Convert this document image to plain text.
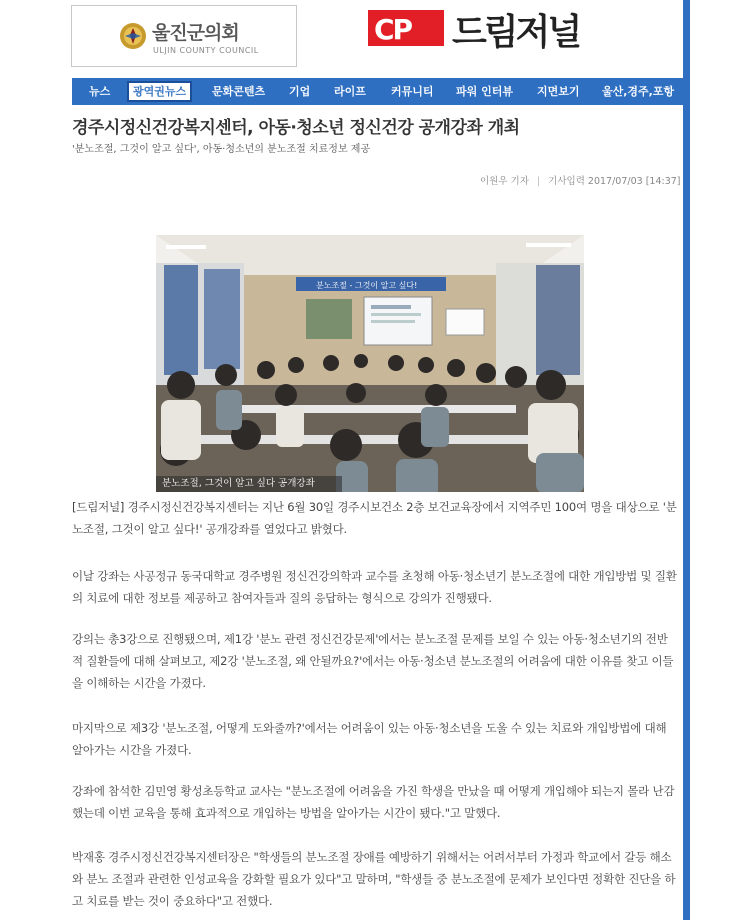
울진군의회
ULJIN COUNTY COUNCIL
CP 드림저널
뉴스	광역권뉴스	문화콘텐츠 기업 라이프 커뮤니티 파워 인터뷰 지면보기 울산,경주,포항
경주시정신건강복지센터, 아동·청소년 정신건강 공개강좌 개최
'분노조절, 그것이 알고 싶다', 아동·청소년의 분노조절 치료정보 제공
이원우 기자 | 기사입력 2017/07/03 [14:37]
분노조절 - 그것이 알고 싶다!
분노조절, 그것이 알고 싶다 공개강좌

[드림저널] 경주시정신건강복지센터는 지난 6월 30일 경주시보건소 2층 보건교육장에서 지역주민 100여 명을 대상으로 '분노조절, 그것이 알고 싶다!' 공개강좌를 열었다고 밝혔다.

이날 강좌는 사공정규 동국대학교 경주병원 정신건강의학과 교수를 초청해 아동·청소년기 분노조절에 대한 개입방법 및 질환의 치료에 대한 정보를 제공하고 참여자들과 질의 응답하는 형식으로 강의가 진행됐다.

강의는 총3강으로 진행됐으며, 제1강 '분노 관련 정신건강문제'에서는 분노조절 문제를 보일 수 있는 아동·청소년기의 전반적 질환들에 대해 살펴보고, 제2강 '분노조절, 왜 안될까요?'에서는 아동·청소년 분노조절의 어려움에 대한 이유를 찾고 이들을 이해하는 시간을 가졌다.

마지막으로 제3강 '분노조절, 어떻게 도와줄까?'에서는 어려움이 있는 아동·청소년을 도울 수 있는 치료와 개입방법에 대해 알아가는 시간을 가졌다.

강좌에 참석한 김민영 황성초등학교 교사는 "분노조절에 어려움을 가진 학생을 만났을 때 어떻게 개입해야 되는지 몰라 난감했는데 이번 교육을 통해 효과적으로 개입하는 방법을 알아가는 시간이 됐다."고 말했다.

박재홍 경주시정신건강복지센터장은 "학생들의 분노조절 장애를 예방하기 위해서는 어려서부터 가정과 학교에서 갈등 해소와 분노 조절과 관련한 인성교육을 강화할 필요가 있다"고 말하며, "학생들 중 분노조절에 문제가 보인다면 정확한 진단을 하고 치료를 받는 것이 중요하다"고 전했다.
